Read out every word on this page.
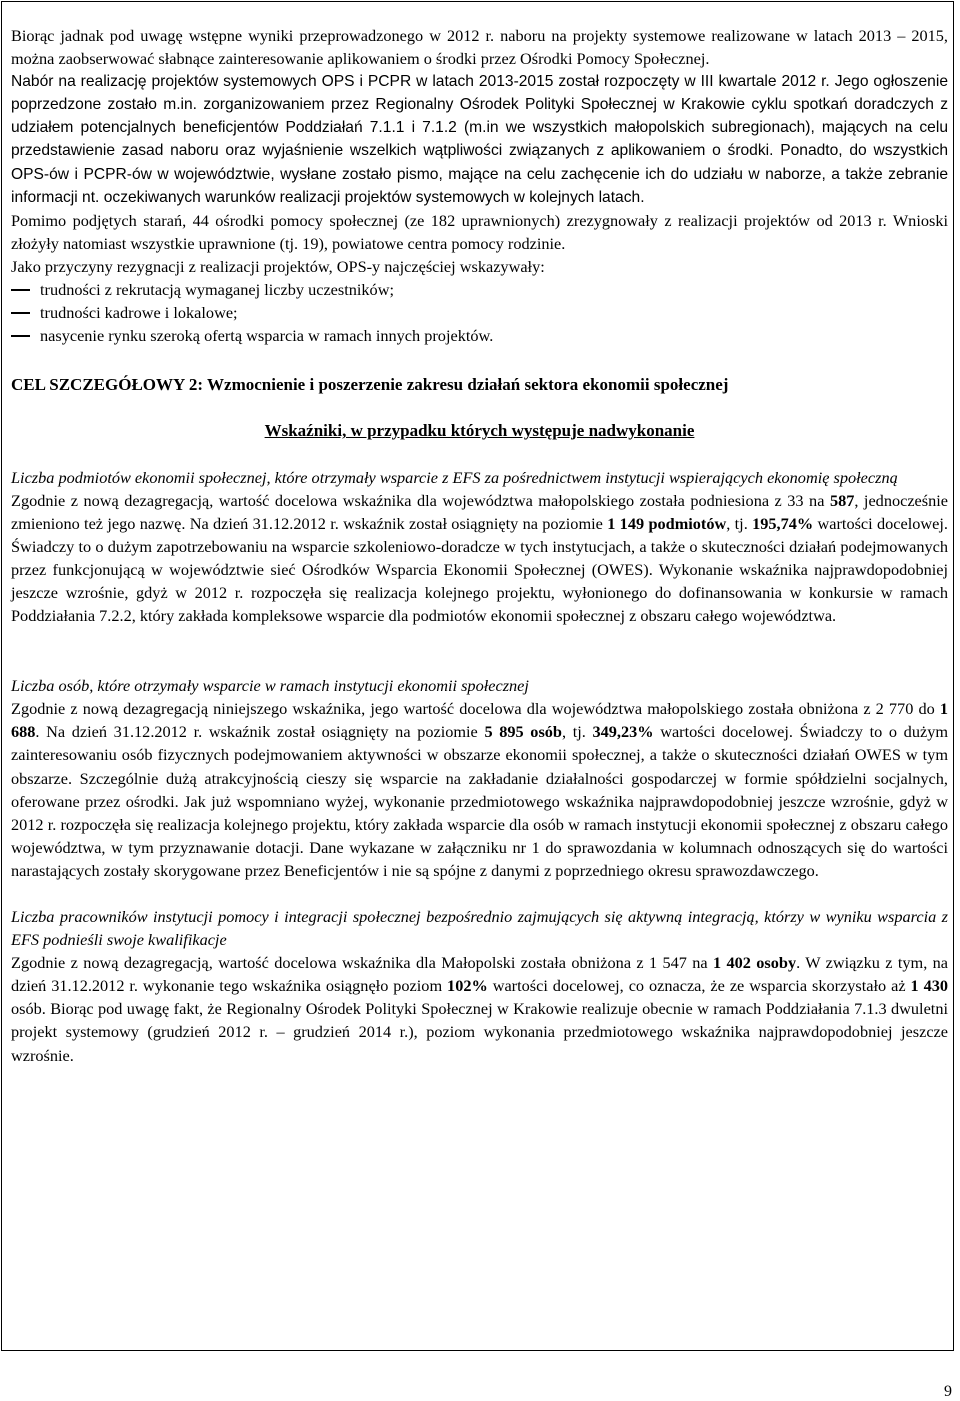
Biorąc jadnak pod uwagę wstępne wyniki przeprowadzonego w 2012 r. naboru na projekty systemowe realizowane w latach 2013 – 2015, można zaobserwować słabnące zainteresowanie aplikowaniem o środki przez Ośrodki Pomocy Społecznej.

Nabór na realizację projektów systemowych OPS i PCPR w latach 2013-2015 został rozpoczęty w III kwartale 2012 r. Jego ogłoszenie poprzedzone zostało m.in. zorganizowaniem przez Regionalny Ośrodek Polityki Społecznej w Krakowie cyklu spotkań doradczych z udziałem potencjalnych beneficjentów Poddziałań 7.1.1 i 7.1.2 (m.in we wszystkich małopolskich subregionach), mających na celu przedstawienie zasad naboru oraz wyjaśnienie wszelkich wątpliwości związanych z aplikowaniem o środki. Ponadto, do wszystkich OPS-ów i PCPR-ów w województwie, wysłane zostało pismo, mające na celu zachęcenie ich do udziału w naborze, a także zebranie informacji nt. oczekiwanych warunków realizacji projektów systemowych w kolejnych latach.

Pomimo podjętych starań, 44 ośrodki pomocy społecznej (ze 182 uprawnionych) zrezygnowały z realizacji projektów od 2013 r. Wnioski złożyły natomiast wszystkie uprawnione (tj. 19), powiatowe centra pomocy rodzinie.

Jako przyczyny rezygnacji z realizacji projektów, OPS-y najczęściej wskazywały:

trudności z rekrutacją wymaganej liczby uczestników;
trudności kadrowe i lokalowe;
nasycenie rynku szeroką ofertą wsparcia w ramach innych projektów.

CEL SZCZEGÓŁOWY 2: Wzmocnienie i poszerzenie zakresu działań sektora ekonomii społecznej

Wskaźniki, w przypadku których występuje nadwykonanie

Liczba podmiotów ekonomii społecznej, które otrzymały wsparcie z EFS za pośrednictwem instytucji wspierających ekonomię społeczną

Zgodnie z nową dezagregacją, wartość docelowa wskaźnika dla województwa małopolskiego została podniesiona z 33 na 587, jednocześnie zmieniono też jego nazwę. Na dzień 31.12.2012 r. wskaźnik został osiągnięty na poziomie 1 149 podmiotów, tj. 195,74% wartości docelowej. Świadczy to o dużym zapotrzebowaniu na wsparcie szkoleniowo-doradcze w tych instytucjach, a także o skuteczności działań podejmowanych przez funkcjonującą w województwie sieć Ośrodków Wsparcia Ekonomii Społecznej (OWES). Wykonanie wskaźnika najprawdopodobniej jeszcze wzrośnie, gdyż w 2012 r. rozpoczęła się realizacja kolejnego projektu, wyłonionego do dofinansowania w konkursie w ramach Poddziałania 7.2.2, który zakłada kompleksowe wsparcie dla podmiotów ekonomii społecznej z obszaru całego województwa.

Liczba osób, które otrzymały wsparcie w ramach instytucji ekonomii społecznej

Zgodnie z nową dezagregacją niniejszego wskaźnika, jego wartość docelowa dla województwa małopolskiego została obniżona z 2 770 do 1 688. Na dzień 31.12.2012 r. wskaźnik został osiągnięty na poziomie 5 895 osób, tj. 349,23% wartości docelowej. Świadczy to o dużym zainteresowaniu osób fizycznych podejmowaniem aktywności w obszarze ekonomii społecznej, a także o skuteczności działań OWES w tym obszarze. Szczególnie dużą atrakcyjnością cieszy się wsparcie na zakładanie działalności gospodarczej w formie spółdzielni socjalnych, oferowane przez ośrodki. Jak już wspomniano wyżej, wykonanie przedmiotowego wskaźnika najprawdopodobniej jeszcze wzrośnie, gdyż w 2012 r. rozpoczęła się realizacja kolejnego projektu, który zakłada wsparcie dla osób w ramach instytucji ekonomii społecznej z obszaru całego województwa, w tym przyznawanie dotacji. Dane wykazane w załączniku nr 1 do sprawozdania w kolumnach odnoszących się do wartości narastających zostały skorygowane przez Beneficjentów i nie są spójne z danymi z poprzedniego okresu sprawozdawczego.

Liczba pracowników instytucji pomocy i integracji społecznej bezpośrednio zajmujących się aktywną integracją, którzy w wyniku wsparcia z EFS podnieśli swoje kwalifikacje

Zgodnie z nową dezagregacją, wartość docelowa wskaźnika dla Małopolski została obniżona z 1 547 na 1 402 osoby. W związku z tym, na dzień 31.12.2012 r. wykonanie tego wskaźnika osiągnęło poziom 102% wartości docelowej, co oznacza, że ze wsparcia skorzystało aż 1 430 osób. Biorąc pod uwagę fakt, że Regionalny Ośrodek Polityki Społecznej w Krakowie realizuje obecnie w ramach Poddziałania 7.1.3 dwuletni projekt systemowy (grudzień 2012 r. – grudzień 2014 r.), poziom wykonania przedmiotowego wskaźnika najprawdopodobniej jeszcze wzrośnie.

9
